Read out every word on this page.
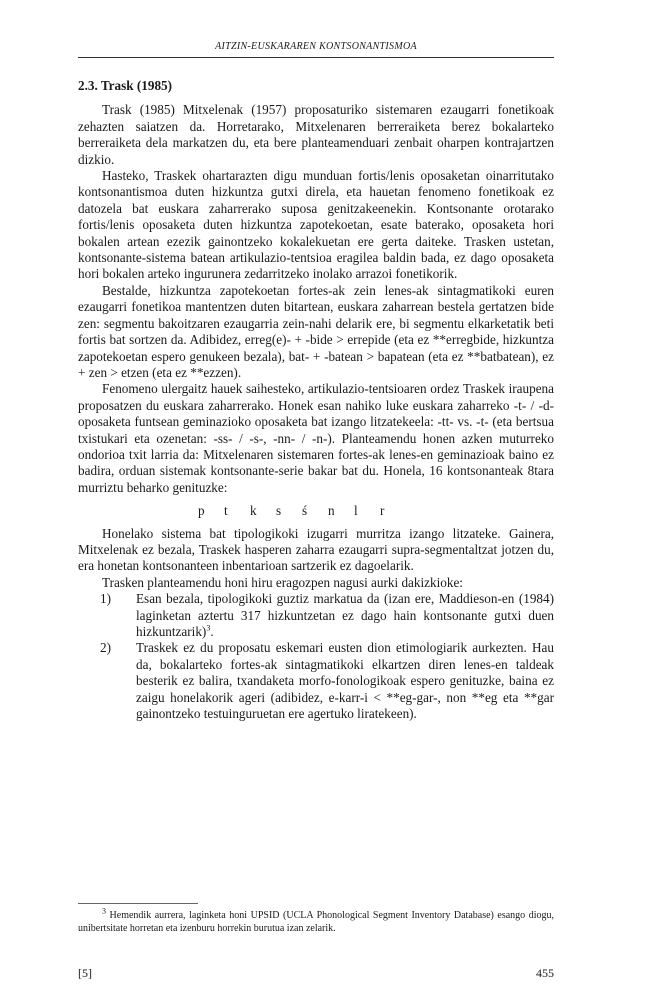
AITZIN-EUSKARAREN KONTSONANTISMOA
2.3. Trask (1985)

Trask (1985) Mitxelenak (1957) proposaturiko sistemaren ezaugarri fonetikoak zehazten saiatzen da. Horretarako, Mitxelenaren berreraiketa berez bokalarteko berreraiketa dela markatzen du, eta bere planteamenduari zenbait oharpen kontrajartzen dizkio.

Hasteko, Traskek ohartarazten digu munduan fortis/lenis oposaketan oinarritutako kontsonantismoa duten hizkuntza gutxi direla, eta hauetan fenomeno fonetikoak ez datozela bat euskara zaharrerako suposa genitzakeenekin. Kontsonante orotarako fortis/lenis oposaketa duten hizkuntza zapotekoetan, esate baterako, oposaketa hori bokalen artean ezezik gainontzeko kokalekuetan ere gerta daiteke. Trasken ustetan, kontsonante-sistema batean artikulazio-tentsioa eragilea baldin bada, ez dago oposaketa hori bokalen arteko ingurunera zedarritzeko inolako arrazoi fonetikorik.

Bestalde, hizkuntza zapotekoetan fortes-ak zein lenes-ak sintagmatikoki euren ezaugarri fonetikoa mantentzen duten bitartean, euskara zaharrean bestela gertatzen bide zen: segmentu bakoitzaren ezaugarria zein-nahi delarik ere, bi segmentu elkarketatik beti fortis bat sortzen da. Adibidez, erreg(e)- + -bide > errepide (eta ez **erregbide, hizkuntza zapotekoetan espero genukeen bezala), bat- + -batean > bapatean (eta ez **batbatean), ez + zen > etzen (eta ez **ezzen).

Fenomeno ulergaitz hauek saihesteko, artikulazio-tentsioaren ordez Traskek iraupena proposatzen du euskara zaharrerako. Honek esan nahiko luke euskara zaharreko -t- / -d- oposaketa funtsean geminazioko oposaketa bat izango litzatekeela: -tt- vs. -t- (eta bertsua txistukari eta ozenetan: -ss- / -s-, -nn- / -n-). Planteamendu honen azken muturreko ondorioa txit larria da: Mitxelenaren sistemaren fortes-ak lenes-en geminazioak baino ez badira, orduan sistemak kontsonante-serie bakar bat du. Honela, 16 kontsonanteak 8tara murriztu beharko genituzke:

p	t	k	s	ś	n	l	r

Honelako sistema bat tipologikoki izugarri murritza izango litzateke. Gainera, Mitxelenak ez bezala, Traskek hasperen zaharra ezaugarri supra-segmentaltzat jotzen du, era honetan kontsonanteen inbentarioan sartzerik ez dagoelarik.

Trasken planteamendu honi hiru eragozpen nagusi aurki dakizkioke:

1)	Esan bezala, tipologikoki guztiz markatua da (izan ere, Maddieson-en (1984) laginketan aztertu 317 hizkuntzetan ez dago hain kontsonante gutxi duen hizkuntzarik)$^3$.
2)	Traskek ez du proposatu eskemari eusten dion etimologiarik aurkezten. Hau da, bokalarteko fortes-ak sintagmatikoki elkartzen diren lenes-en taldeak besterik ez balira, txandaketa morfo-fonologikoak espero genituzke, baina ez zaigu honelakorik ageri (adibidez, e-karr-i < **eg-gar-, non **eg eta **gar gainontzeko testuinguruetan ere agertuko liratekeen).
$^3$ Hemendik aurrera, laginketa honi UPSID (UCLA Phonological Segment Inventory Database) esango diogu, unibertsitate horretan eta izenburu horrekin burutua izan zelarik.
[5]	455
